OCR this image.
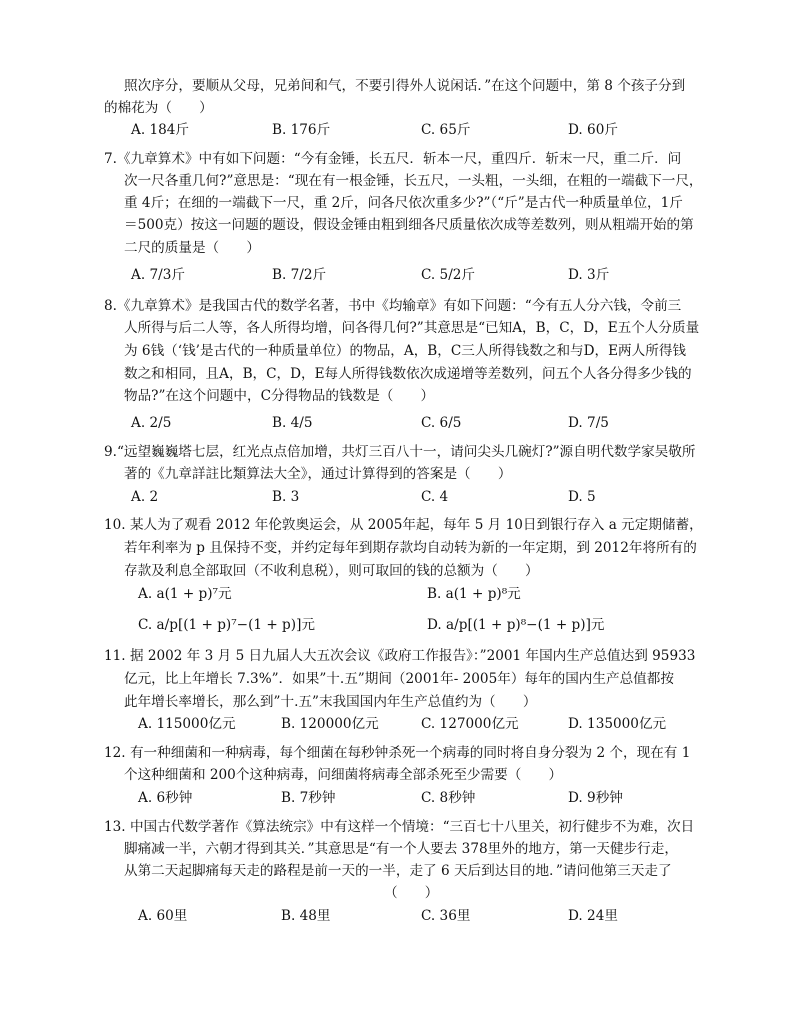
照次序分，要顺从父母，兄弟间和气，不要引得外人说闲话．”在这个问题中，第 8 个孩子分到
的棉花为（　　）
A. 184斤	B. 176斤	C. 65斤	D. 60斤
7.《九章算术》中有如下问题：“今有金锤，长五尺．斩本一尺，重四斤．斩末一尺，重二斤．问
次一尺各重几何?”意思是：“现在有一根金锤，长五尺，一头粗，一头细，在粗的一端截下一尺，
重 4斤；在细的一端截下一尺，重 2斤，问各尺依次重多少?”（“斤”是古代一种质量单位，1斤
＝500克）按这一问题的题设，假设金锤由粗到细各尺质量依次成等差数列，则从粗端开始的第
二尺的质量是（　　）
A. 7/3斤	B. 7/2斤	C. 5/2斤	D. 3斤
8.《九章算术》是我国古代的数学名著，书中《均输章》有如下问题：“今有五人分六钱，令前三
人所得与后二人等，各人所得均增，问各得几何?”其意思是“已知A，B，C，D，E五个人分质量
为 6钱（‘钱’是古代的一种质量单位）的物品，A，B，C三人所得钱数之和与D，E两人所得钱
数之和相同，且A，B，C，D，E每人所得钱数依次成递增等差数列，问五个人各分得多少钱的
物品?”在这个问题中，C分得物品的钱数是（　　）
A. 2/5	B. 4/5	C. 6/5	D. 7/5
9.“远望巍巍塔七层，红光点点倍加增，共灯三百八十一，请问尖头几碗灯?”源自明代数学家吴敬所
著的《九章詳註比類算法大全》，通过计算得到的答案是（　　）
A. 2	B. 3	C. 4	D. 5
10. 某人为了观看 2012 年伦敦奥运会，从 2005年起，每年 5 月 10日到银行存入 a 元定期储蓄，
若年利率为 p 且保持不变，并约定每年到期存款均自动转为新的一年定期，到 2012年将所有的
存款及利息全部取回（不收利息税），则可取回的钱的总额为（　　）
A. a(1 + p)⁷元	B. a(1 + p)⁸元
C. a/p[(1 + p)⁷−(1 + p)]元	D. a/p[(1 + p)⁸−(1 + p)]元
11. 据 2002 年 3 月 5 日九届人大五次会议《政府工作报告》：”2001 年国内生产总值达到 95933
亿元，比上年增长 7.3%”．如果”十.五”期间（2001年- 2005年）每年的国内生产总值都按
此年增长率增长，那么到”十.五”末我国国内年生产总值约为（　　）
A. 115000亿元	B. 120000亿元	C. 127000亿元	D. 135000亿元
12. 有一种细菌和一种病毒，每个细菌在每秒钟杀死一个病毒的同时将自身分裂为 2 个，现在有 1
个这种细菌和 200个这种病毒，问细菌将病毒全部杀死至少需要（　　）
A. 6秒钟	B. 7秒钟	C. 8秒钟	D. 9秒钟
13. 中国古代数学著作《算法统宗》中有这样一个情境：“三百七十八里关，初行健步不为难，次日
脚痛减一半，六朝才得到其关．”其意思是“有一个人要去 378里外的地方，第一天健步行走，
从第二天起脚痛每天走的路程是前一天的一半，走了 6 天后到达目的地．”请问他第三天走了
（　　）
A. 60里	B. 48里	C. 36里	D. 24里
